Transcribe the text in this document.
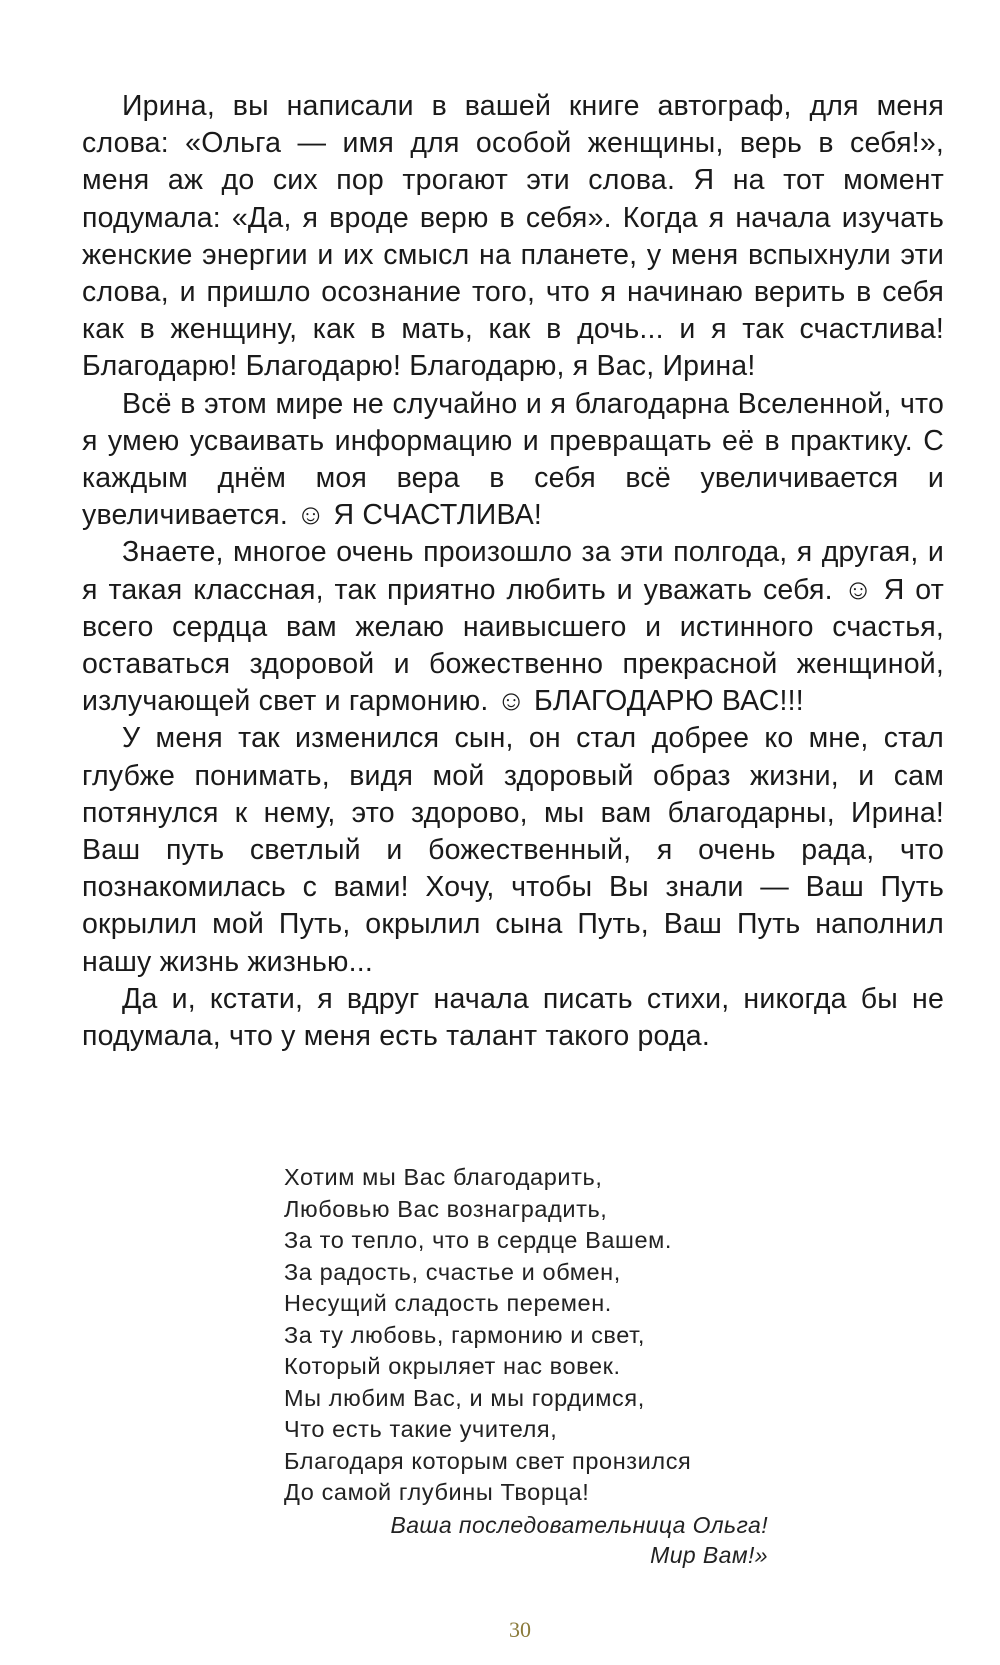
Ирина, вы написали в вашей книге автограф, для меня слова: «Ольга — имя для особой женщины, верь в себя!», меня аж до сих пор трогают эти слова. Я на тот момент подумала: «Да, я вроде верю в себя». Когда я начала изучать женские энергии и их смысл на планете, у меня вспыхнули эти слова, и пришло осознание того, что я начинаю верить в себя как в женщину, как в мать, как в дочь... и я так счастлива! Благодарю! Благодарю! Благодарю, я Вас, Ирина!

Всё в этом мире не случайно и я благодарна Вселенной, что я умею усваивать информацию и превращать её в практику. С каждым днём моя вера в себя всё увеличивается и увеличивается. ☺ Я СЧАСТЛИВА!

Знаете, многое очень произошло за эти полгода, я другая, и я такая классная, так приятно любить и уважать себя. ☺ Я от всего сердца вам желаю наивысшего и истинного счастья, оставаться здоровой и божественно прекрасной женщиной, излучающей свет и гармонию. ☺ БЛАГОДАРЮ ВАС!!!

У меня так изменился сын, он стал добрее ко мне, стал глубже понимать, видя мой здоровый образ жизни, и сам потянулся к нему, это здорово, мы вам благодарны, Ирина! Ваш путь светлый и божественный, я очень рада, что познакомилась с вами! Хочу, чтобы Вы знали — Ваш Путь окрылил мой Путь, окрылил сына Путь, Ваш Путь наполнил нашу жизнь жизнью...

Да и, кстати, я вдруг начала писать стихи, никогда бы не подумала, что у меня есть талант такого рода.

Хотим мы Вас благодарить,
Любовью Вас вознаградить,
За то тепло, что в сердце Вашем.
За радость, счастье и обмен,
Несущий сладость перемен.
За ту любовь, гармонию и свет,
Который окрыляет нас вовек.
Мы любим Вас, и мы гордимся,
Что есть такие учителя,
Благодаря которым свет пронзился
До самой глубины Творца!
Ваша последовательница Ольга!
Мир Вам!»
30
